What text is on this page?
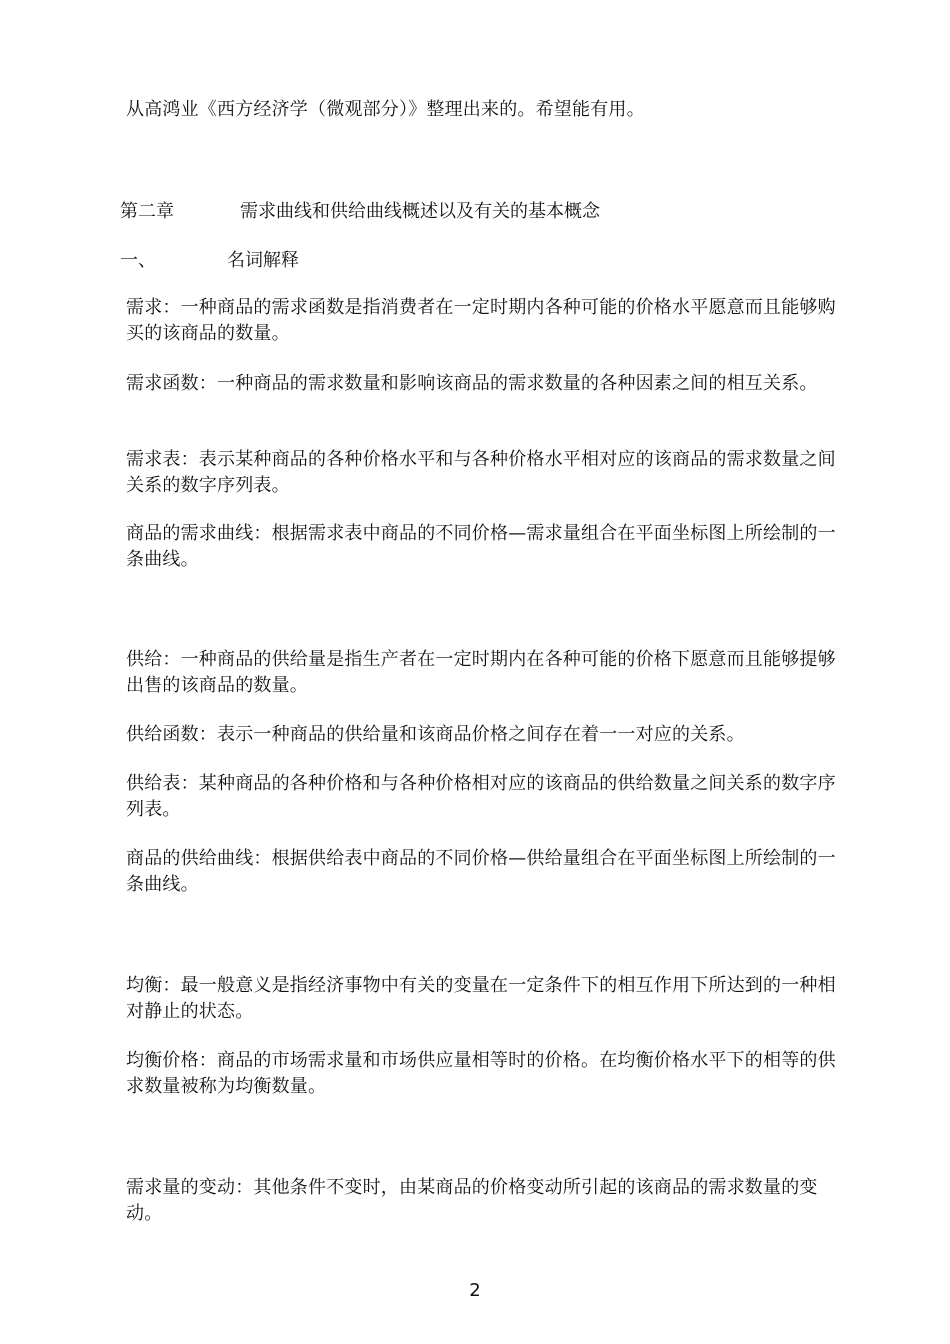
从高鸿业《西方经济学（微观部分）》整理出来的。希望能有用。

第二章	需求曲线和供给曲线概述以及有关的基本概念
一、	名词解释

需求：一种商品的需求函数是指消费者在一定时期内各种可能的价格水平愿意而且能够购买的该商品的数量。

需求函数：一种商品的需求数量和影响该商品的需求数量的各种因素之间的相互关系。

需求表：表示某种商品的各种价格水平和与各种价格水平相对应的该商品的需求数量之间关系的数字序列表。

商品的需求曲线：根据需求表中商品的不同价格—需求量组合在平面坐标图上所绘制的一条曲线。

供给：一种商品的供给量是指生产者在一定时期内在各种可能的价格下愿意而且能够提够出售的该商品的数量。

供给函数：表示一种商品的供给量和该商品价格之间存在着一一对应的关系。

供给表：某种商品的各种价格和与各种价格相对应的该商品的供给数量之间关系的数字序列表。

商品的供给曲线：根据供给表中商品的不同价格—供给量组合在平面坐标图上所绘制的一条曲线。

均衡：最一般意义是指经济事物中有关的变量在一定条件下的相互作用下所达到的一种相对静止的状态。

均衡价格：商品的市场需求量和市场供应量相等时的价格。在均衡价格水平下的相等的供求数量被称为均衡数量。

需求量的变动：其他条件不变时，由某商品的价格变动所引起的该商品的需求数量的变动。

2
